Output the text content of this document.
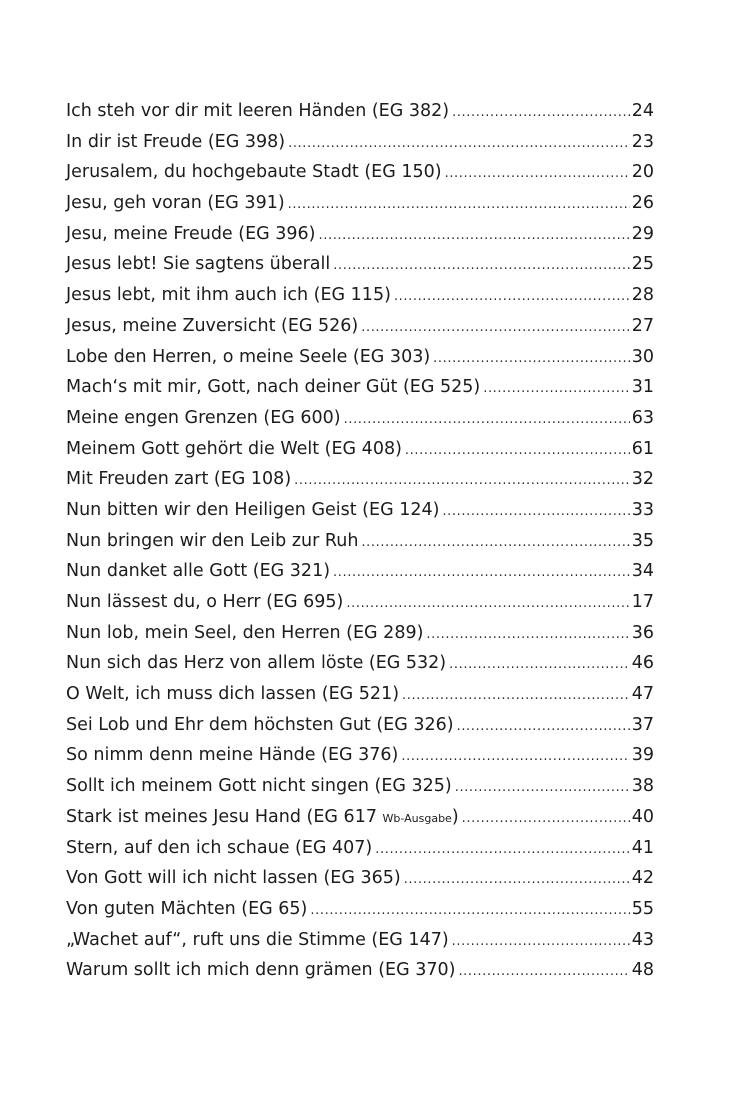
Ich steh vor dir mit leeren Händen (EG 382) .....	24
In dir ist Freude (EG 398) .....	23
Jerusalem, du hochgebaute Stadt (EG 150) .....	20
Jesu, geh voran (EG 391) .....	26
Jesu, meine Freude (EG 396) .....	29
Jesus lebt! Sie sagtens überall .....	25
Jesus lebt, mit ihm auch ich (EG 115) .....	28
Jesus, meine Zuversicht (EG 526) .....	27
Lobe den Herren, o meine Seele (EG 303) .....	30
Mach‘s mit mir, Gott, nach deiner Güt (EG 525) .....	31
Meine engen Grenzen (EG 600) .....	63
Meinem Gott gehört die Welt (EG 408) .....	61
Mit Freuden zart (EG 108) .....	32
Nun bitten wir den Heiligen Geist (EG 124) .....	33
Nun bringen wir den Leib zur Ruh .....	35
Nun danket alle Gott (EG 321) .....	34
Nun lässest du, o Herr (EG 695) .....	17
Nun lob, mein Seel, den Herren (EG 289) .....	36
Nun sich das Herz von allem löste (EG 532) .....	46
O Welt, ich muss dich lassen (EG 521) .....	47
Sei Lob und Ehr dem höchsten Gut (EG 326) .....	37
So nimm denn meine Hände (EG 376) .....	39
Sollt ich meinem Gott nicht singen (EG 325) .....	38
Stark ist meines Jesu Hand (EG 617 Wb-Ausgabe) .....	40
Stern, auf den ich schaue (EG 407) .....	41
Von Gott will ich nicht lassen (EG 365) .....	42
Von guten Mächten (EG 65) .....	55
„Wachet auf“, ruft uns die Stimme (EG 147) .....	43
Warum sollt ich mich denn grämen (EG 370) .....	48
